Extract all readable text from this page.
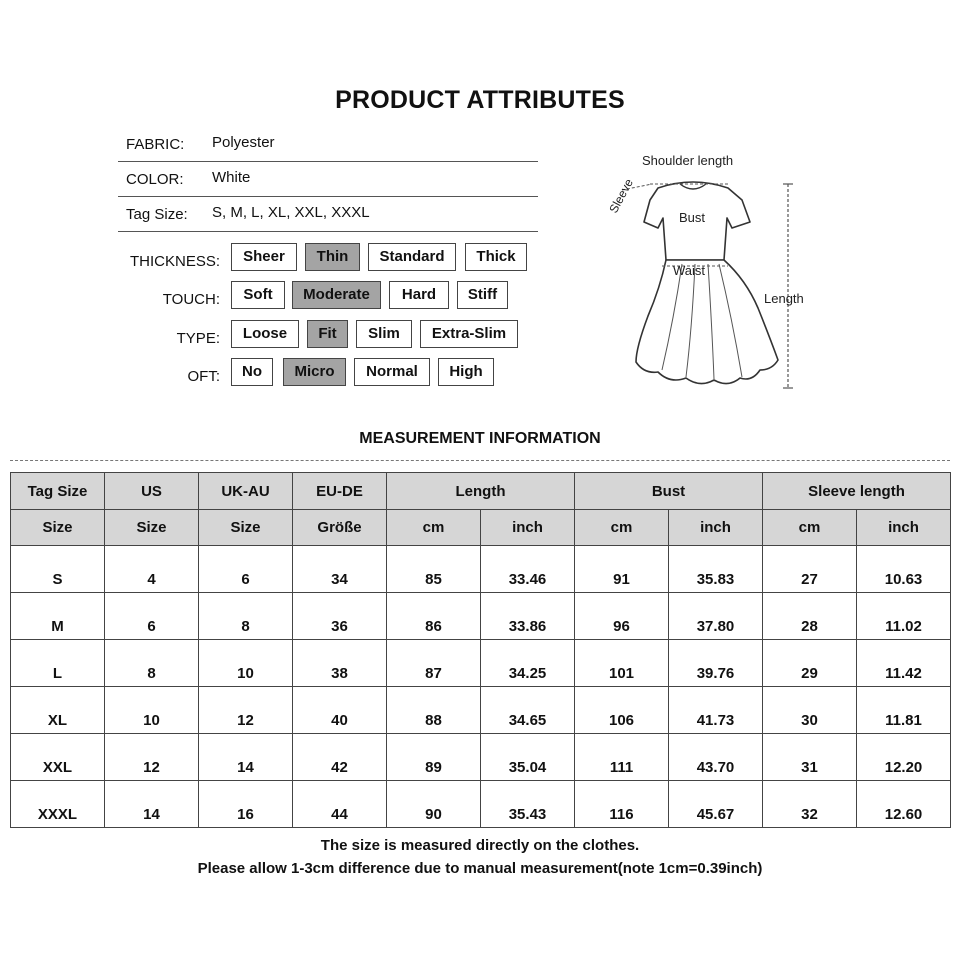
PRODUCT ATTRIBUTES
FABRIC: Polyester
COLOR: White
Tag Size: S, M, L, XL, XXL, XXXL
THICKNESS:	Sheer	Thin	Standard	Thick
TOUCH:	Soft	Moderate	Hard	Stiff
TYPE:	Loose	Fit	Slim	Extra-Slim
OFT:	No	Micro	Normal	High
Shoulder length
Sleeve
Bust
Waist
Length
MEASUREMENT INFORMATION
Tag Size	US	UK-AU	EU-DE	Length		Bust		Sleeve length	
Size	Size	Size	Größe	cm	inch	cm	inch	cm	inch
S	4	6	34	85	33.46	91	35.83	27	10.63
M	6	8	36	86	33.86	96	37.80	28	11.02
L	8	10	38	87	34.25	101	39.76	29	11.42
XL	10	12	40	88	34.65	106	41.73	30	11.81
XXL	12	14	42	89	35.04	111	43.70	31	12.20
XXXL	14	16	44	90	35.43	116	45.67	32	12.60
The size is measured directly on the clothes.
Please allow 1-3cm difference due to manual measurement(note 1cm=0.39inch)
